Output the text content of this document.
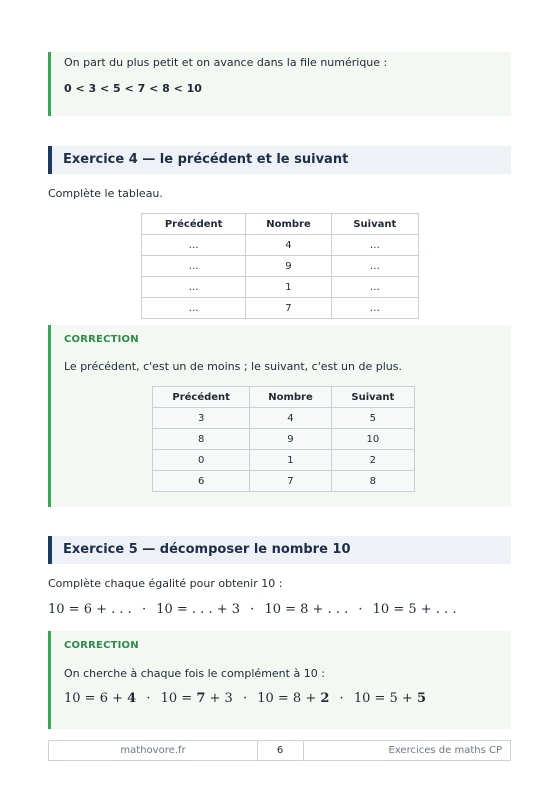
On part du plus petit et on avance dans la file numérique :
0 < 3 < 5 < 7 < 8 < 10
Exercice 4 — le précédent et le suivant
Complète le tableau.
Précédent	Nombre	Suivant
…	4	…
…	9	…
…	1	…
…	7	…
CORRECTION
Le précédent, c'est un de moins ; le suivant, c'est un de plus.
Précédent	Nombre	Suivant
3	4	5
8	9	10
0	1	2
6	7	8
Exercice 5 — décomposer le nombre 10
Complète chaque égalité pour obtenir 10 :
10 = 6 + . . . · 10 = . . . + 3 · 10 = 8 + . . . · 10 = 5 + . . .
CORRECTION
On cherche à chaque fois le complément à 10 :
10 = 6 + 4 · 10 = 7 + 3 · 10 = 8 + 2 · 10 = 5 + 5
mathovore.fr	6	Exercices de maths CP
